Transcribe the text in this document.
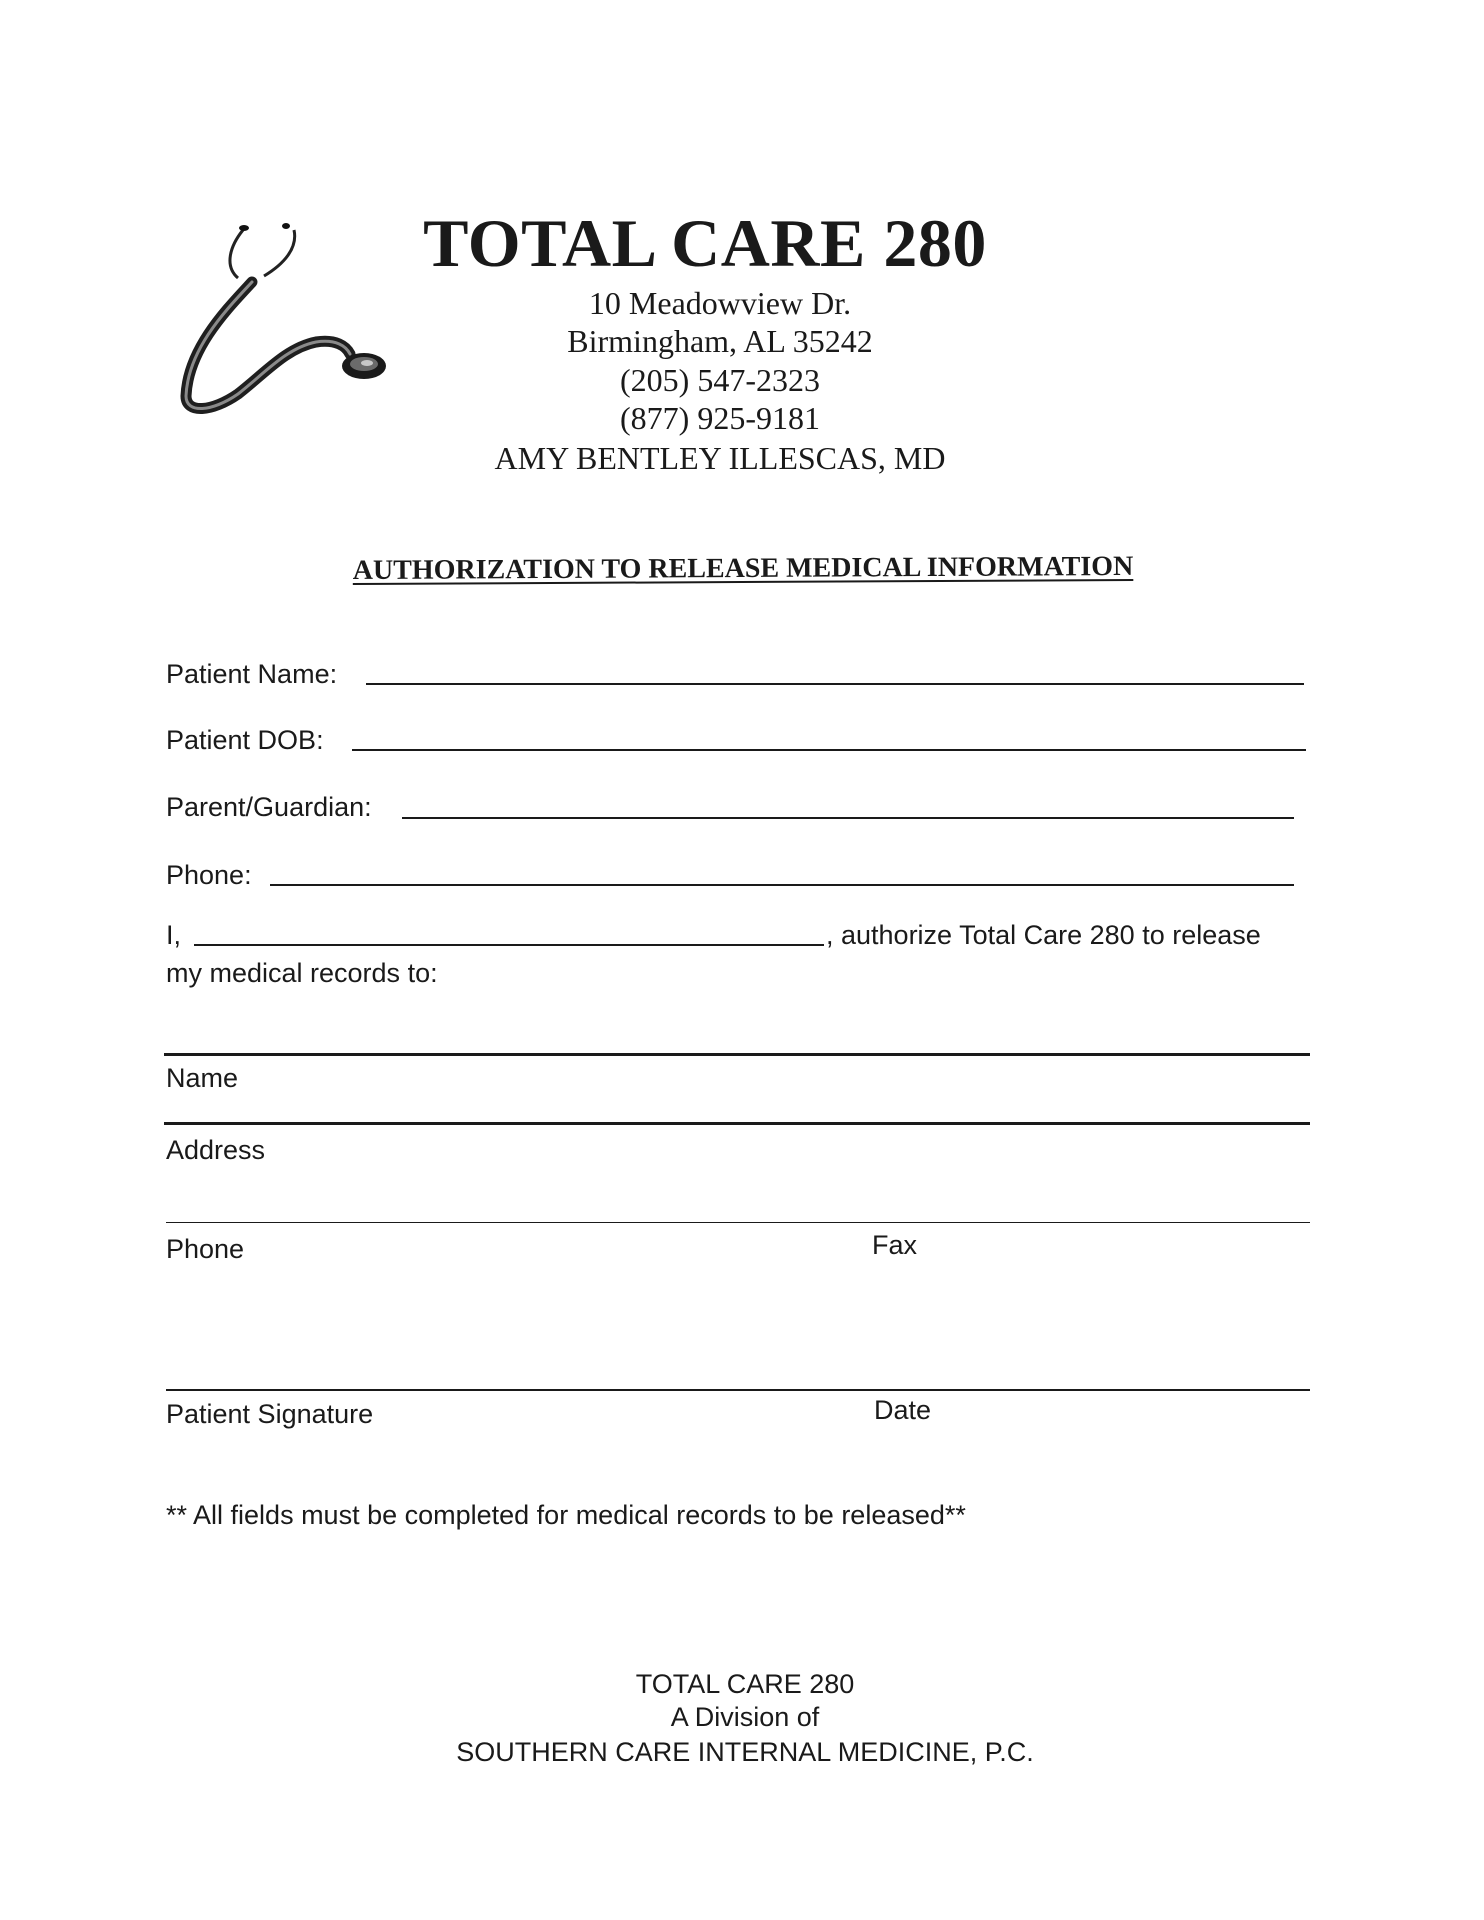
TOTAL CARE 280
10 Meadowview Dr.
Birmingham, AL 35242
(205) 547-2323
(877) 925-9181
AMY BENTLEY ILLESCAS, MD
AUTHORIZATION TO RELEASE MEDICAL INFORMATION
Patient Name:
Patient DOB:
Parent/Guardian:
Phone:
I,	, authorize Total Care 280 to release
my medical records to:
Name
Address
Phone	Fax
Patient Signature	Date
** All fields must be completed for medical records to be released**
TOTAL CARE 280
A Division of
SOUTHERN CARE INTERNAL MEDICINE, P.C.
